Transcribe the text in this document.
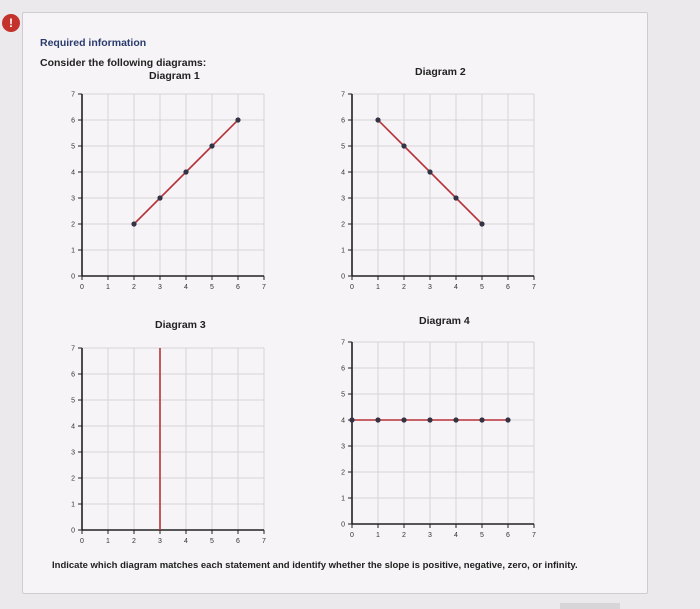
!
Required information
Consider the following diagrams:
Diagram 1	Diagram 2
Diagram 3	Diagram 4
0	1	2	3	4	5	6	7
0
1
2
3
4
5
6
7
0	1	2	3	4	5	6	7
0
1
2
3
4
5
6
7
0	1	2	3	4	5	6	7
0
1
2
3
4
5
6
7
0	1	2	3	4	5	6	7
0
1
2
3
4
5
6
7
Indicate which diagram matches each statement and identify whether the slope is positive, negative, zero, or infinity.
